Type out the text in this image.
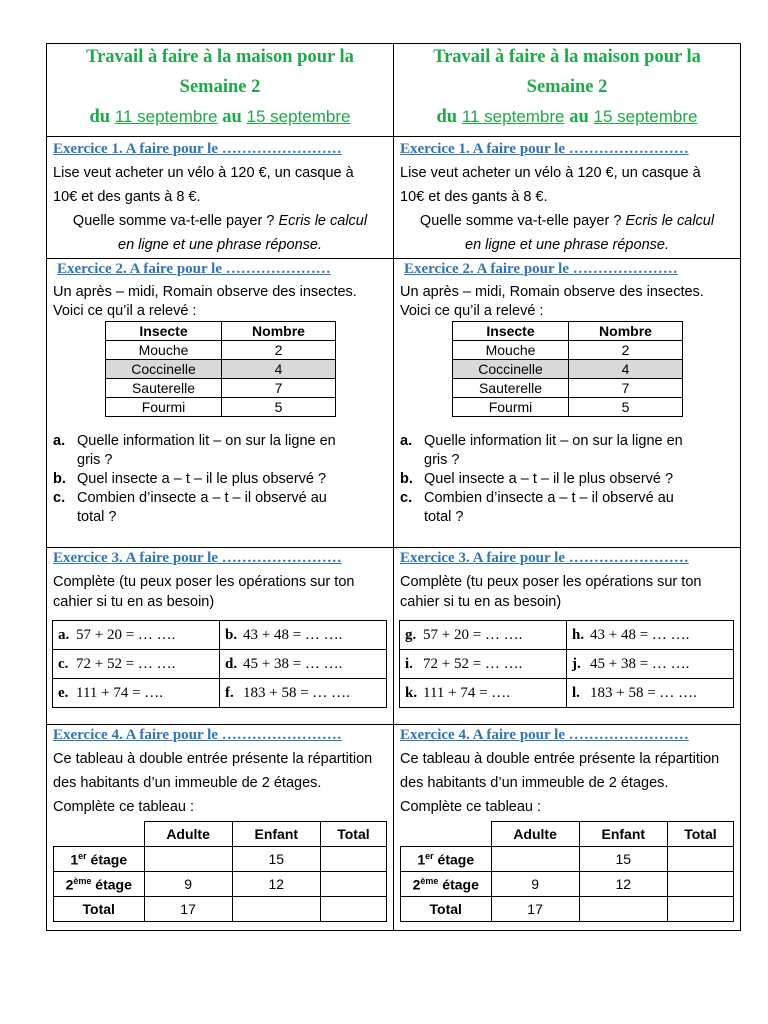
Travail à faire à la maison pour la
Semaine 2
du 11 septembre au 15 septembre
Travail à faire à la maison pour la
Semaine 2
du 11 septembre au 15 septembre
Exercice 1. A faire pour le ……………………
Lise veut acheter un vélo à 120 €, un casque à
10€ et des gants à 8 €.
Quelle somme va-t-elle payer ? Ecris le calcul
en ligne et une phrase réponse.
Exercice 1. A faire pour le ……………………
Lise veut acheter un vélo à 120 €, un casque à
10€ et des gants à 8 €.
Quelle somme va-t-elle payer ? Ecris le calcul
en ligne et une phrase réponse.
Exercice 2. A faire pour le …………………
Un après – midi, Romain observe des insectes.
Voici ce qu’il a relevé :
Insecte	Nombre
Mouche	2
Coccinelle	4
Sauterelle	7
Fourmi	5
a. Quelle information lit – on sur la ligne en
gris ?
b. Quel insecte a – t – il le plus observé ?
c. Combien d’insecte a – t – il observé au
total ?
Exercice 2. A faire pour le …………………
Un après – midi, Romain observe des insectes.
Voici ce qu’il a relevé :
Insecte	Nombre
Mouche	2
Coccinelle	4
Sauterelle	7
Fourmi	5
a. Quelle information lit – on sur la ligne en
gris ?
b. Quel insecte a – t – il le plus observé ?
c. Combien d’insecte a – t – il observé au
total ?
Exercice 3. A faire pour le ……………………
Complète (tu peux poser les opérations sur ton
cahier si tu en as besoin)
a. 57 + 20 = … ….	b. 43 + 48 = … ….
c. 72 + 52 = … ….	d. 45 + 38 = … ….
e. 111 + 74 = ….	f. 183 + 58 = … ….
Exercice 3. A faire pour le ……………………
Complète (tu peux poser les opérations sur ton
cahier si tu en as besoin)
g. 57 + 20 = … ….	h. 43 + 48 = … ….
i. 72 + 52 = … ….	j. 45 + 38 = … ….
k. 111 + 74 = ….	l. 183 + 58 = … ….
Exercice 4. A faire pour le ……………………
Ce tableau à double entrée présente la répartition
des habitants d’un immeuble de 2 étages.
Complète ce tableau :
	Adulte	Enfant	Total
1er étage		15	
2ème étage	9	12	
Total	17		
Exercice 4. A faire pour le ……………………
Ce tableau à double entrée présente la répartition
des habitants d’un immeuble de 2 étages.
Complète ce tableau :
	Adulte	Enfant	Total
1er étage		15	
2ème étage	9	12	
Total	17		
